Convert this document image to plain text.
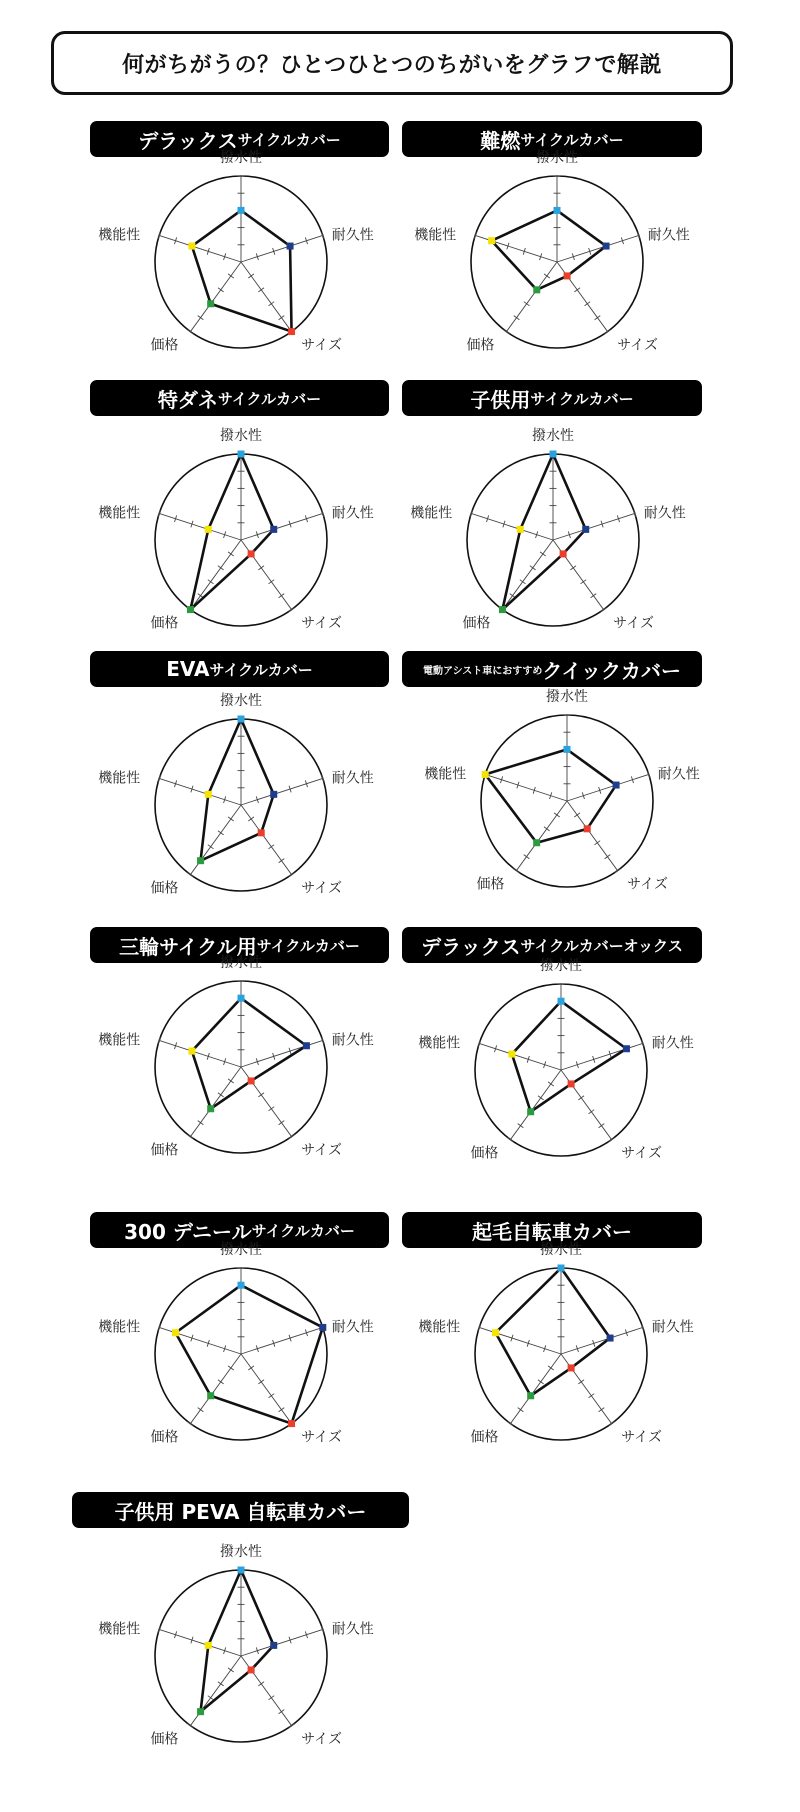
何がちがうの？ひとつひとつのちがいをグラフで解説
デラックス サイクルカバー
撥水性
耐久性
サイズ
価格
機能性
難燃 サイクルカバー
撥水性
耐久性
サイズ
価格
機能性
特ダネ サイクルカバー
撥水性
耐久性
サイズ
価格
機能性
子供用 サイクルカバー
撥水性
耐久性
サイズ
価格
機能性
EVA サイクルカバー
撥水性
耐久性
サイズ
価格
機能性
電動アシスト車におすすめ クイックカバー
撥水性
耐久性
サイズ
価格
機能性
三輪サイクル用 サイクルカバー
撥水性
耐久性
サイズ
価格
機能性
デラックス サイクルカバーオックス
撥水性
耐久性
サイズ
価格
機能性
300 デニール サイクルカバー
撥水性
耐久性
サイズ
価格
機能性
起毛自転車カバー
撥水性
耐久性
サイズ
価格
機能性
子供用 PEVA 自転車カバー
撥水性
耐久性
サイズ
価格
機能性
